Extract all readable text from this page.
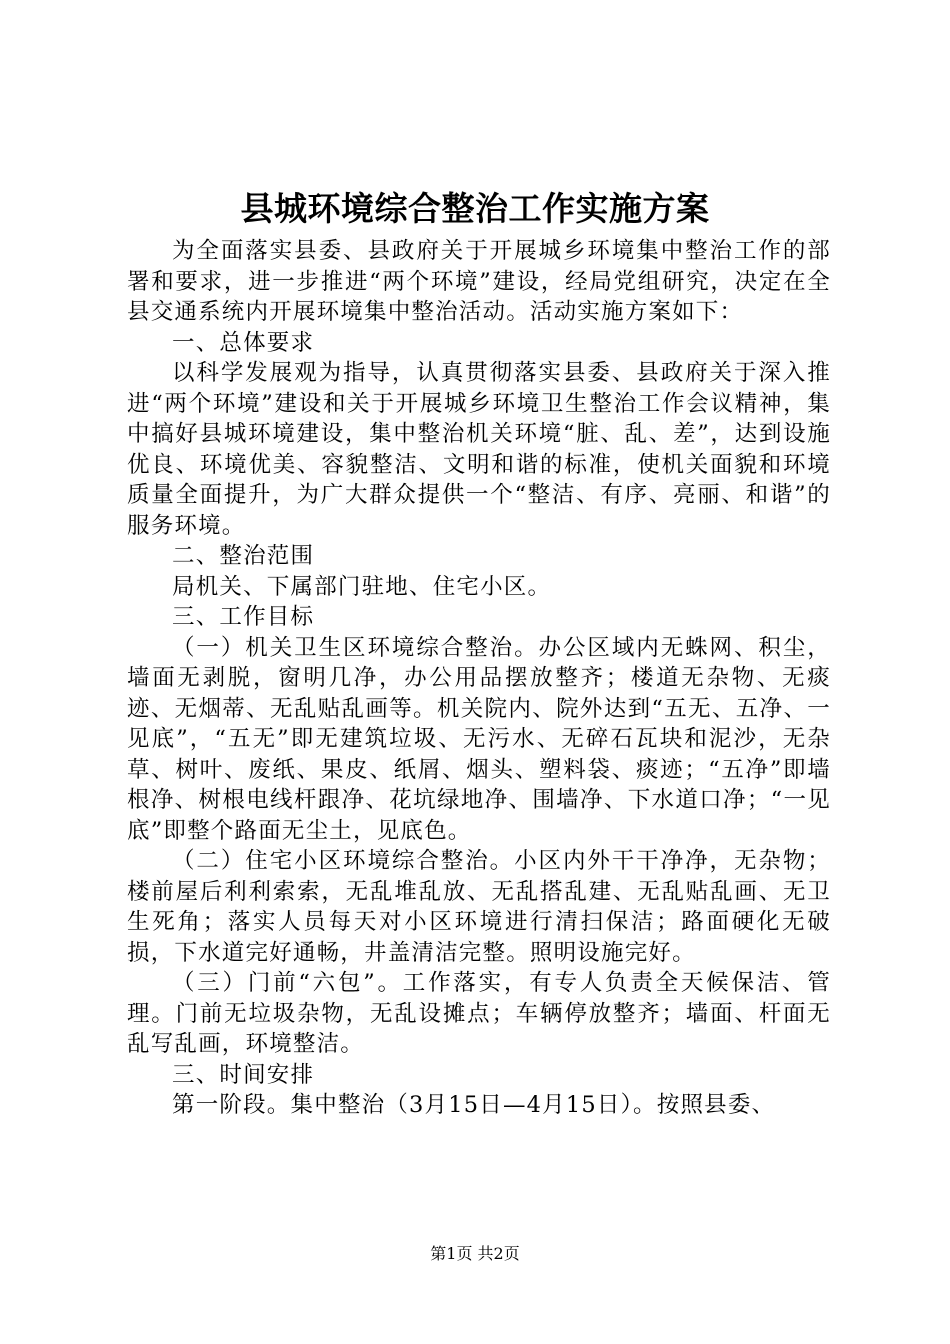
县城环境综合整治工作实施方案

为全面落实县委、县政府关于开展城乡环境集中整治工作的部署和要求，进一步推进“两个环境”建设，经局党组研究，决定在全县交通系统内开展环境集中整治活动。活动实施方案如下：

一、总体要求

以科学发展观为指导，认真贯彻落实县委、县政府关于深入推进“两个环境”建设和关于开展城乡环境卫生整治工作会议精神，集中搞好县城环境建设，集中整治机关环境“脏、乱、差”，达到设施优良、环境优美、容貌整洁、文明和谐的标准，使机关面貌和环境质量全面提升，为广大群众提供一个“整洁、有序、亮丽、和谐”的服务环境。

二、整治范围

局机关、下属部门驻地、住宅小区。

三、工作目标

（一）机关卫生区环境综合整治。办公区域内无蛛网、积尘，墙面无剥脱，窗明几净，办公用品摆放整齐；楼道无杂物、无痰迹、无烟蒂、无乱贴乱画等。机关院内、院外达到“五无、五净、一见底”，“五无”即无建筑垃圾、无污水、无碎石瓦块和泥沙，无杂草、树叶、废纸、果皮、纸屑、烟头、塑料袋、痰迹；“五净”即墙根净、树根电线杆跟净、花坑绿地净、围墙净、下水道口净；“一见底”即整个路面无尘土，见底色。

（二）住宅小区环境综合整治。小区内外干干净净，无杂物；楼前屋后利利索索，无乱堆乱放、无乱搭乱建、无乱贴乱画、无卫生死角；落实人员每天对小区环境进行清扫保洁；路面硬化无破损，下水道完好通畅，井盖清洁完整。照明设施完好。

（三）门前“六包”。工作落实，有专人负责全天候保洁、管理。门前无垃圾杂物，无乱设摊点；车辆停放整齐；墙面、杆面无乱写乱画，环境整洁。

三、时间安排

第一阶段。集中整治（3月15日—4月15日）。按照县委、

第1页 共2页
